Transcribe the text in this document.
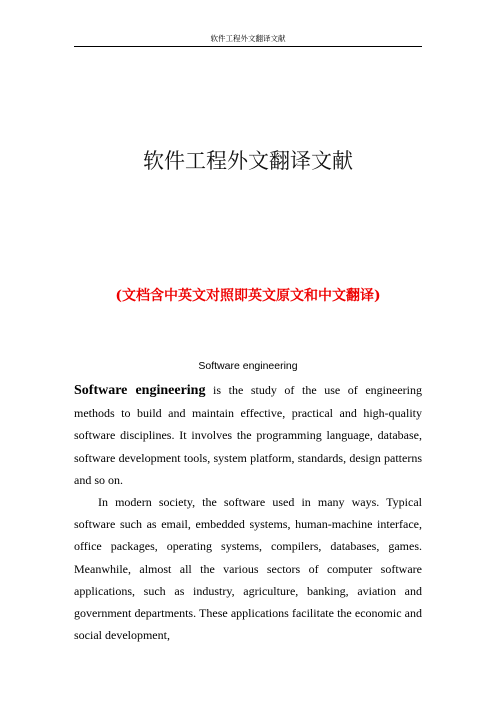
软件工程外文翻译文献
软件工程外文翻译文献
(文档含中英文对照即英文原文和中文翻译)
Software engineering

Software engineering is the study of the use of engineering methods to build and maintain effective, practical and high-quality software disciplines. It involves the programming language, database, software development tools, system platform, standards, design patterns and so on.

In modern society, the software used in many ways. Typical software such as email, embedded systems, human-machine interface, office packages, operating systems, compilers, databases, games. Meanwhile, almost all the various sectors of computer software applications, such as industry, agriculture, banking, aviation and government departments. These applications facilitate the economic and social development,
